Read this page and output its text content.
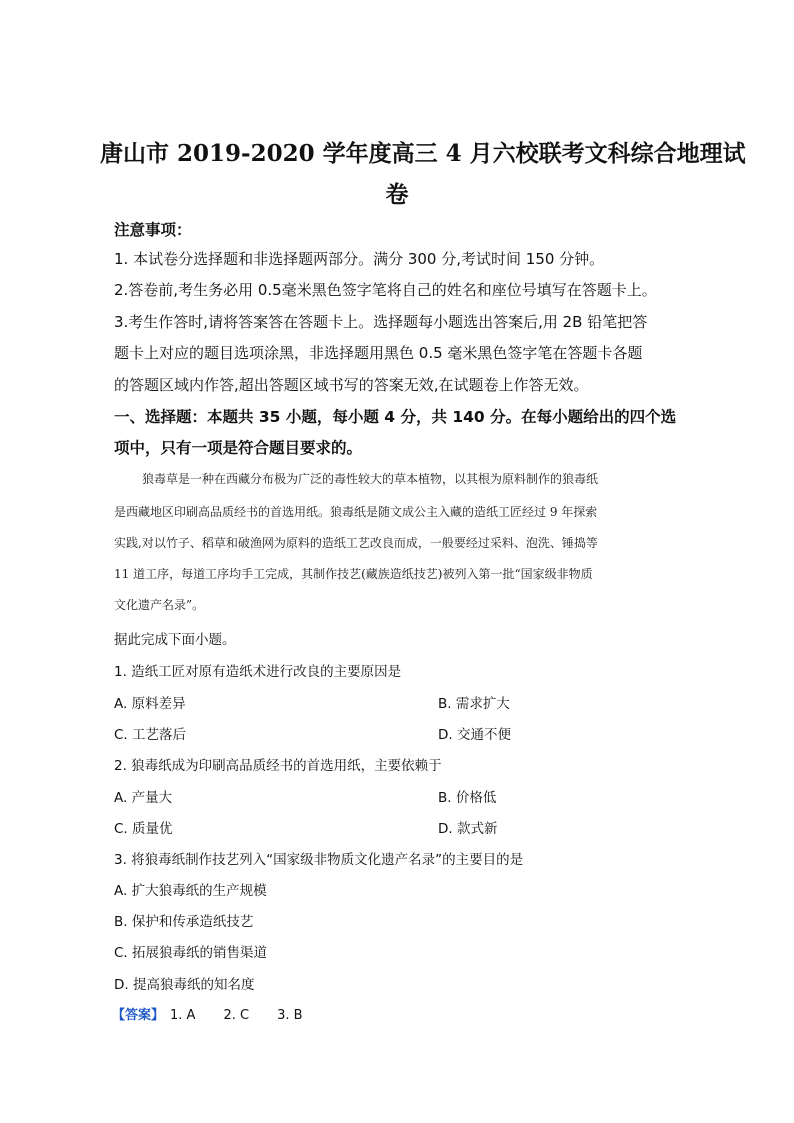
唐山市 2019-2020 学年度高三 4 月六校联考文科综合地理试
卷
注意事项：
1. 本试卷分选择题和非选择题两部分。满分 300 分,考试时间 150 分钟。
2.答卷前,考生务必用 0.5毫米黑色签字笔将自己的姓名和座位号填写在答题卡上。
3.考生作答时,请将答案答在答题卡上。选择题每小题选出答案后,用 2B 铅笔把答
题卡上对应的题目选项涂黑，非选择题用黑色 0.5 毫米黑色签字笔在答题卡各题
的答题区域内作答,超出答题区域书写的答案无效,在试题卷上作答无效。
一、选择题：本题共 35 小题，每小题 4 分，共 140 分。在每小题给出的四个选
项中，只有一项是符合题目要求的。
狼毒草是一种在西藏分布极为广泛的毒性较大的草本植物，以其根为原料制作的狼毒纸
是西藏地区印刷高品质经书的首选用纸。狼毒纸是随文成公主入藏的造纸工匠经过 9 年探索
实践,对以竹子、稻草和破渔网为原料的造纸工艺改良而成，一般要经过采料、泡洗、锤捣等
11 道工序，每道工序均手工完成，其制作技艺(藏族造纸技艺)被列入第一批“国家级非物质
文化遗产名录”。
据此完成下面小题。
1. 造纸工匠对原有造纸术进行改良的主要原因是
A. 原料差异	B. 需求扩大
C. 工艺落后	D. 交通不便
2. 狼毒纸成为印刷高品质经书的首选用纸，主要依赖于
A. 产量大	B. 价格低
C. 质量优	D. 款式新
3. 将狼毒纸制作技艺列入“国家级非物质文化遗产名录”的主要目的是
A. 扩大狼毒纸的生产规模
B. 保护和传承造纸技艺
C. 拓展狼毒纸的销售渠道
D. 提高狼毒纸的知名度
【答案】 1. A 2. C 3. B
